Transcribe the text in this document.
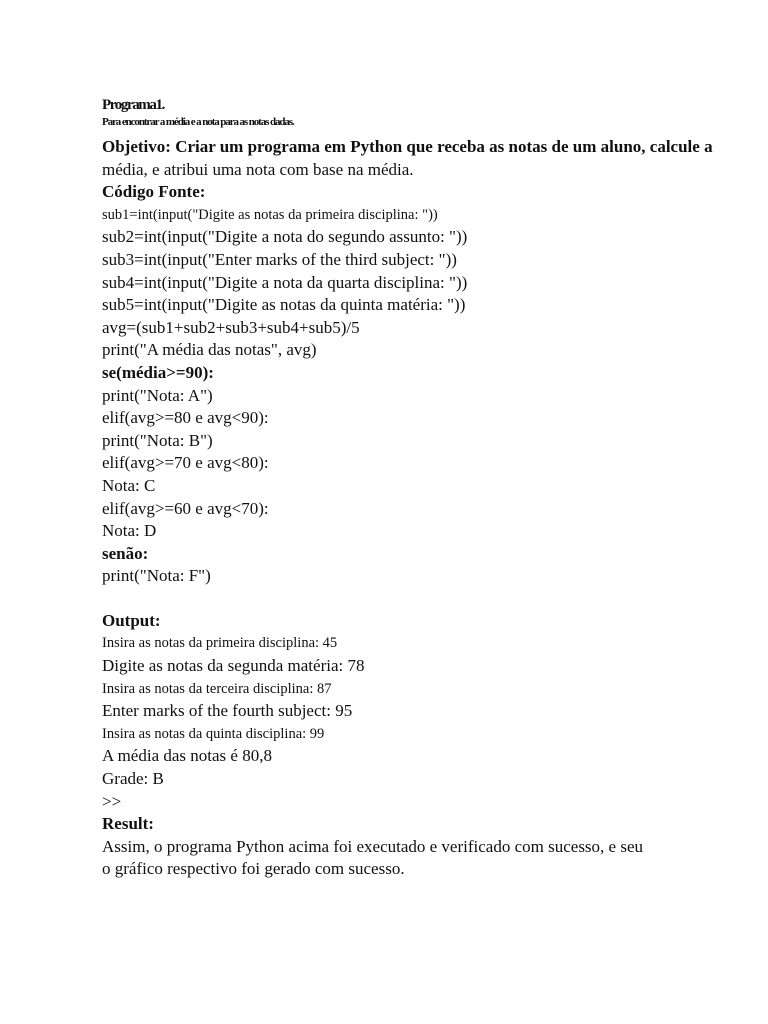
Programa1.
Para encontrar a média e a nota para as notas dadas.
Objetivo: Criar um programa em Python que receba as notas de um aluno, calcule a
média, e atribui uma nota com base na média.
Código Fonte:
sub1=int(input("Digite as notas da primeira disciplina: "))
sub2=int(input("Digite a nota do segundo assunto: "))
sub3=int(input("Enter marks of the third subject: "))
sub4=int(input("Digite a nota da quarta disciplina: "))
sub5=int(input("Digite as notas da quinta matéria: "))
avg=(sub1+sub2+sub3+sub4+sub5)/5
print("A média das notas", avg)
se(média>=90):
print("Nota: A")
elif(avg>=80 e avg<90):
print("Nota: B")
elif(avg>=70 e avg<80):
Nota: C
elif(avg>=60 e avg<70):
Nota: D
senão:
print("Nota: F")
Output:
Insira as notas da primeira disciplina: 45
Digite as notas da segunda matéria: 78
Insira as notas da terceira disciplina: 87
Enter marks of the fourth subject: 95
Insira as notas da quinta disciplina: 99
A média das notas é 80,8
Grade: B
>>
Result:
Assim, o programa Python acima foi executado e verificado com sucesso, e seu
o gráfico respectivo foi gerado com sucesso.
